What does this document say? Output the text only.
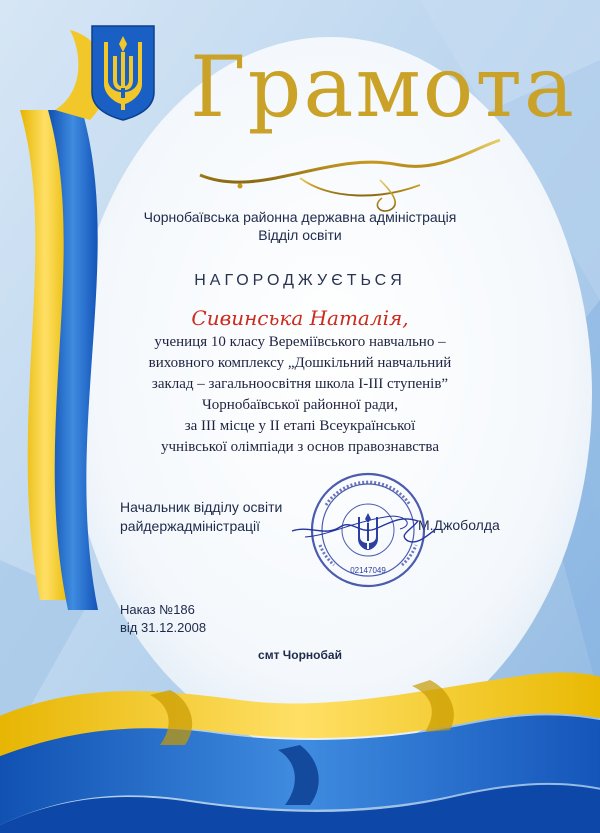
Грамота
Чорнобаївська районна державна адміністрація
Відділ освіти
НАГОРОДЖУЄТЬСЯ
Сивинська Наталія,
учениця 10 класу Вереміївського навчально –
виховного комплексу „Дошкільний навчальний
заклад – загальноосвітня школа І-ІІІ ступенів”
Чорнобаївської районної ради,
за ІІІ місце у ІІ етапі Всеукраїнської
учнівської олімпіади з основ правознавства
Начальник відділу освіти
райдержадміністрації	М.Джоболда
02147049
Наказ №186
від 31.12.2008
смт Чорнобай
